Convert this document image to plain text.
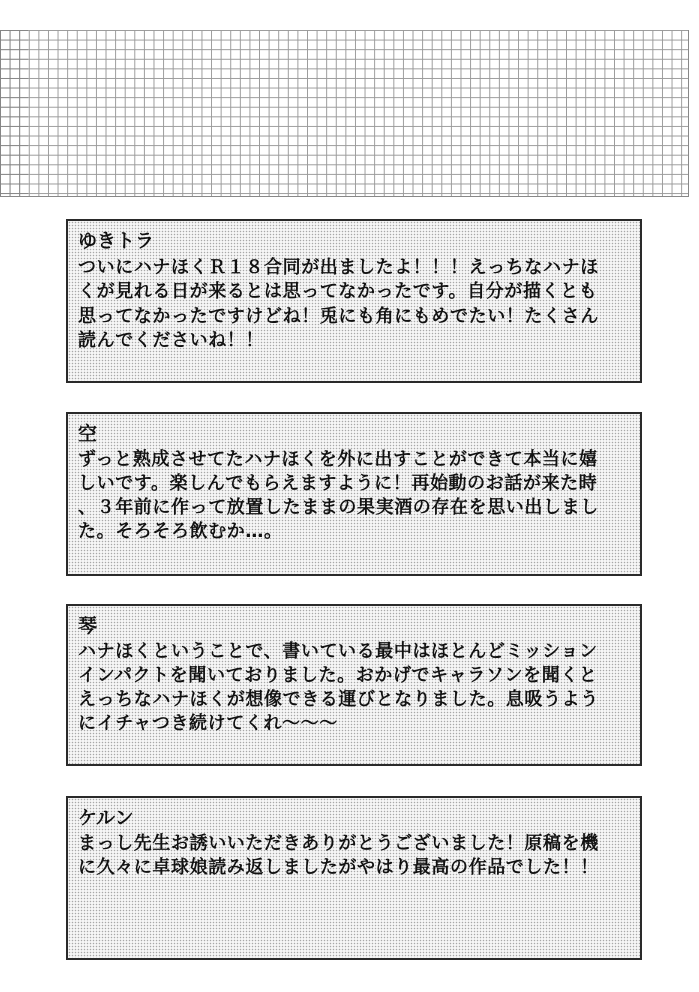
ゆきトラ
ついにハナほくＲ１８合同が出ましたよ！！！えっちなハナほ
くが見れる日が来るとは思ってなかったです。自分が描くとも
思ってなかったですけどね！兎にも角にもめでたい！たくさん
読んでくださいね！！
空
ずっと熟成させてたハナほくを外に出すことができて本当に嬉
しいです。楽しんでもらえますように！再始動のお話が来た時
、３年前に作って放置したままの果実酒の存在を思い出しまし
た。そろそろ飲むか…。
琴
ハナほくということで、書いている最中はほとんどミッション
インパクトを聞いておりました。おかげでキャラソンを聞くと
えっちなハナほくが想像できる運びとなりました。息吸うよう
にイチャつき続けてくれ〜〜〜
ケルン
まっし先生お誘いいただきありがとうございました！原稿を機
に久々に卓球娘読み返しましたがやはり最高の作品でした！！
